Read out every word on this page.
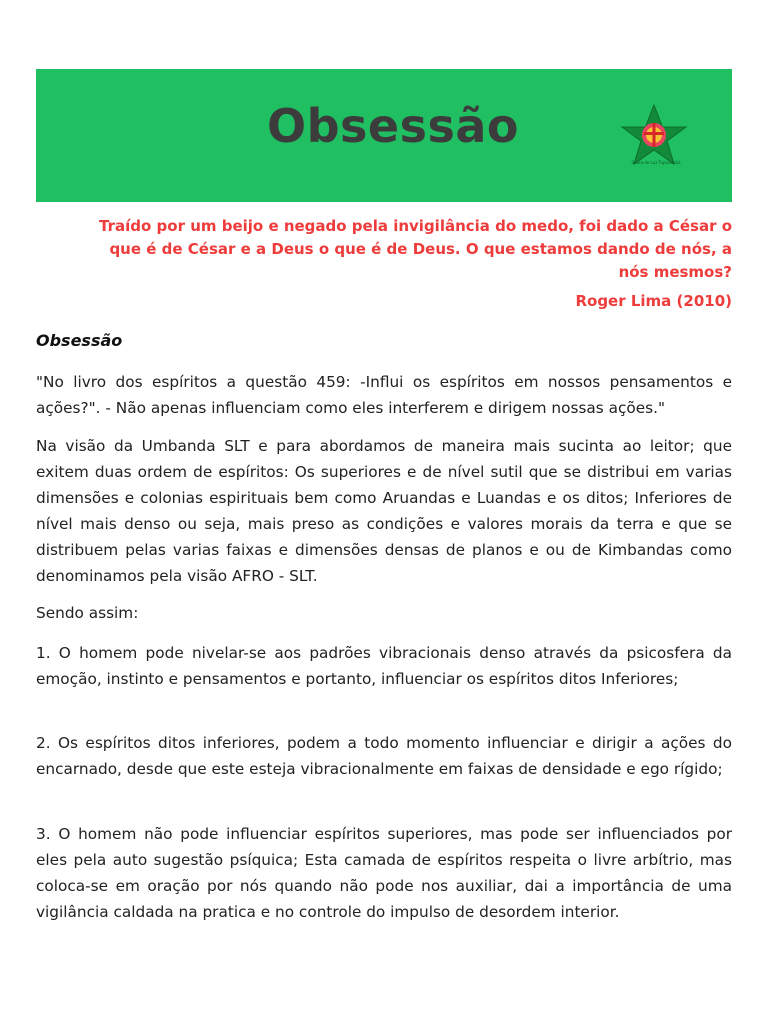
Obsessão
Seara de Luz Tupinambá
Traído por um beijo e negado pela invigilância do medo, foi dado a César o que é de César e a Deus o que é de Deus. O que estamos dando de nós, a nós mesmos?
Roger Lima (2010)
Obsessão

"No livro dos espíritos a questão 459: -Influi os espíritos em nossos pensamentos e ações?". - Não apenas influenciam como eles interferem e dirigem nossas ações."

Na visão da Umbanda SLT e para abordamos de maneira mais sucinta ao leitor; que exitem duas ordem de espíritos: Os superiores e de nível sutil que se distribui em varias dimensões e colonias espirituais bem como Aruandas e Luandas e os ditos; Inferiores de nível mais denso ou seja, mais preso as condições e valores morais da terra e que se distribuem pelas varias faixas e dimensões densas de planos e ou de Kimbandas como denominamos pela visão AFRO - SLT.

Sendo assim:

1. O homem pode nivelar-se aos padrões vibracionais denso através da psicosfera da emoção, instinto e pensamentos e portanto, influenciar os espíritos ditos Inferiores;

2. Os espíritos ditos inferiores, podem a todo momento influenciar e dirigir a ações do encarnado, desde que este esteja vibracionalmente em faixas de densidade e ego rígido;

3. O homem não pode influenciar espíritos superiores, mas pode ser influenciados por eles pela auto sugestão psíquica; Esta camada de espíritos respeita o livre arbítrio, mas coloca-se em oração por nós quando não pode nos auxiliar, dai a importância de uma vigilância caldada na pratica e no controle do impulso de desordem interior.
